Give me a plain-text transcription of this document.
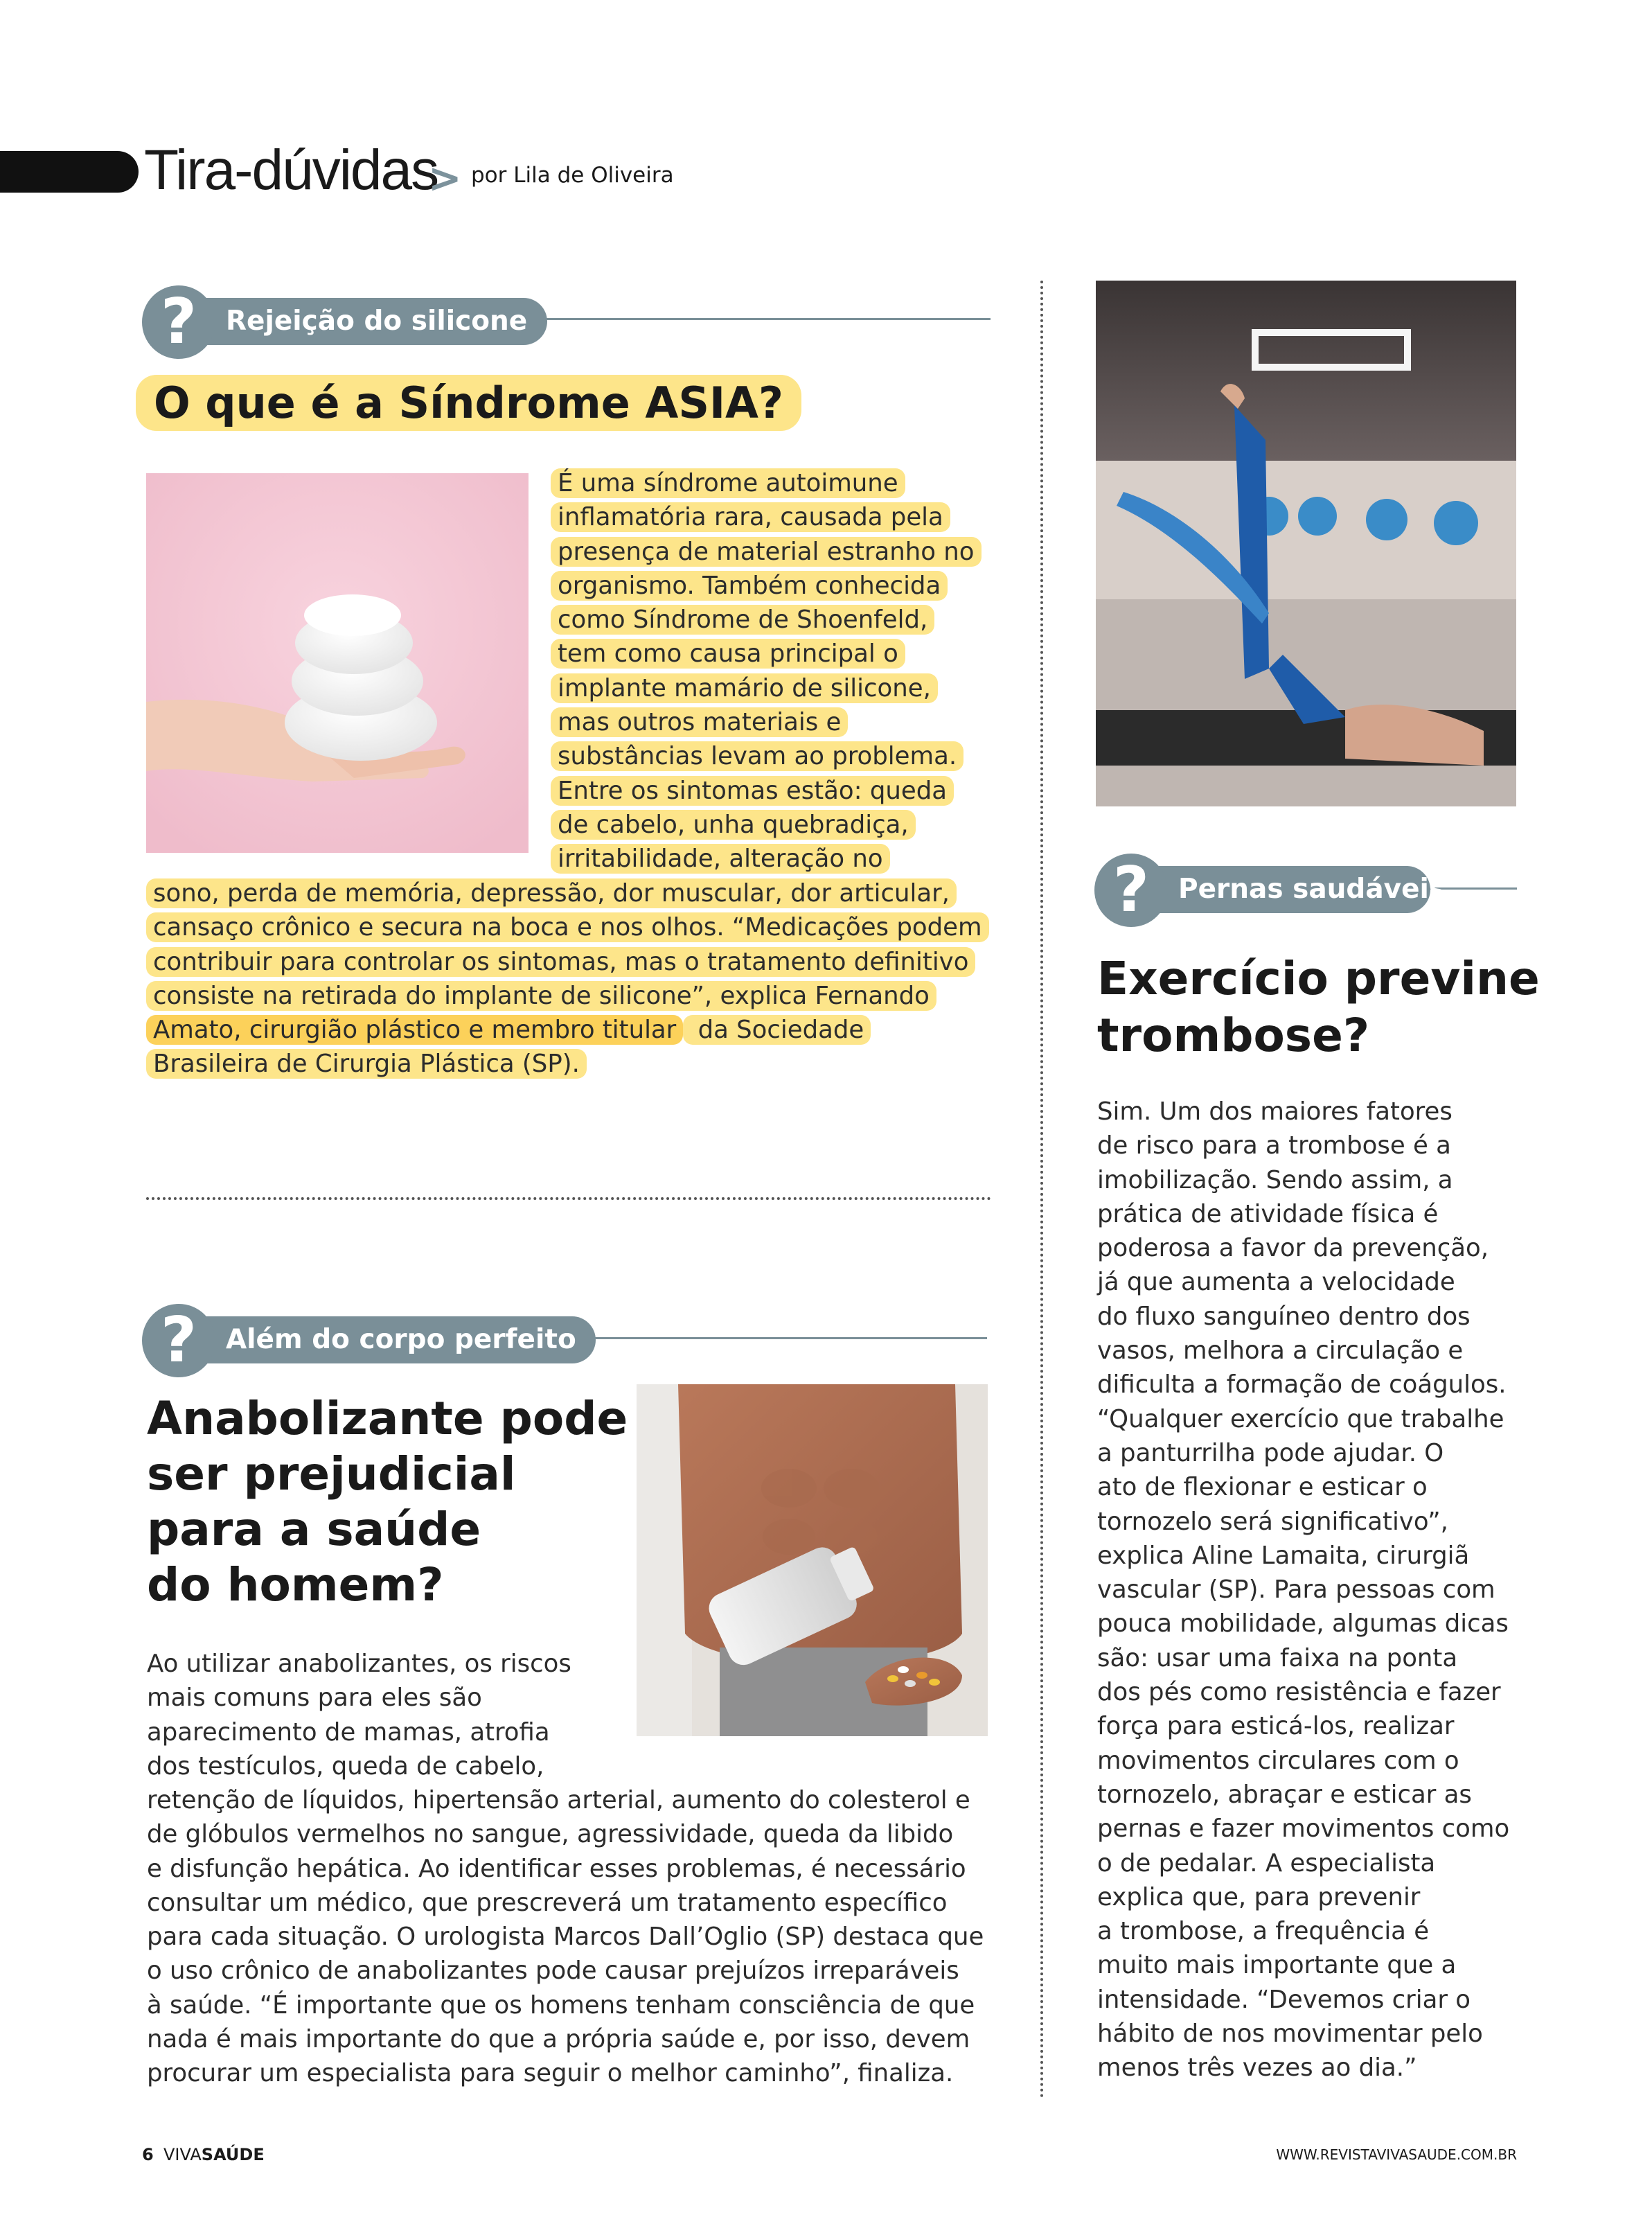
Tira-dúvidas
> por Lila de Oliveira
Rejeição do silicone
?
O que é a Síndrome ASIA?
É uma síndrome autoimune
inflamatória rara, causada pela
presença de material estranho no
organismo. Também conhecida
como Síndrome de Shoenfeld,
tem como causa principal o
implante mamário de silicone,
mas outros materiais e
substâncias levam ao problema.
Entre os sintomas estão: queda
de cabelo, unha quebradiça,
irritabilidade, alteração no
sono, perda de memória, depressão, dor muscular, dor articular,
cansaço crônico e secura na boca e nos olhos. “Medicações podem
contribuir para controlar os sintomas, mas o tratamento definitivo
consiste na retirada do implante de silicone”, explica Fernando
Amato, cirurgião plástico e membro titular da Sociedade
Brasileira de Cirurgia Plástica (SP).
Além do corpo perfeito
?
Anabolizante pode
ser prejudicial
para a saúde
do homem?
Ao utilizar anabolizantes, os riscos
mais comuns para eles são
aparecimento de mamas, atrofia
dos testículos, queda de cabelo,
retenção de líquidos, hipertensão arterial, aumento do colesterol e
de glóbulos vermelhos no sangue, agressividade, queda da libido
e disfunção hepática. Ao identificar esses problemas, é necessário
consultar um médico, que prescreverá um tratamento específico
para cada situação. O urologista Marcos Dall’Oglio (SP) destaca que
o uso crônico de anabolizantes pode causar prejuízos irreparáveis
à saúde. “É importante que os homens tenham consciência de que
nada é mais importante do que a própria saúde e, por isso, devem
procurar um especialista para seguir o melhor caminho”, finaliza.
Pernas saudáveis
?
Exercício previne
trombose?
Sim. Um dos maiores fatores
de risco para a trombose é a
imobilização. Sendo assim, a
prática de atividade física é
poderosa a favor da prevenção,
já que aumenta a velocidade
do fluxo sanguíneo dentro dos
vasos, melhora a circulação e
dificulta a formação de coágulos.
“Qualquer exercício que trabalhe
a panturrilha pode ajudar. O
ato de flexionar e esticar o
tornozelo será significativo”,
explica Aline Lamaita, cirurgiã
vascular (SP). Para pessoas com
pouca mobilidade, algumas dicas
são: usar uma faixa na ponta
dos pés como resistência e fazer
força para esticá-los, realizar
movimentos circulares com o
tornozelo, abraçar e esticar as
pernas e fazer movimentos como
o de pedalar. A especialista
explica que, para prevenir
a trombose, a frequência é
muito mais importante que a
intensidade. “Devemos criar o
hábito de nos movimentar pelo
menos três vezes ao dia.”
6 VIVASAÚDE	WWW.REVISTAVIVASAUDE.COM.BR
